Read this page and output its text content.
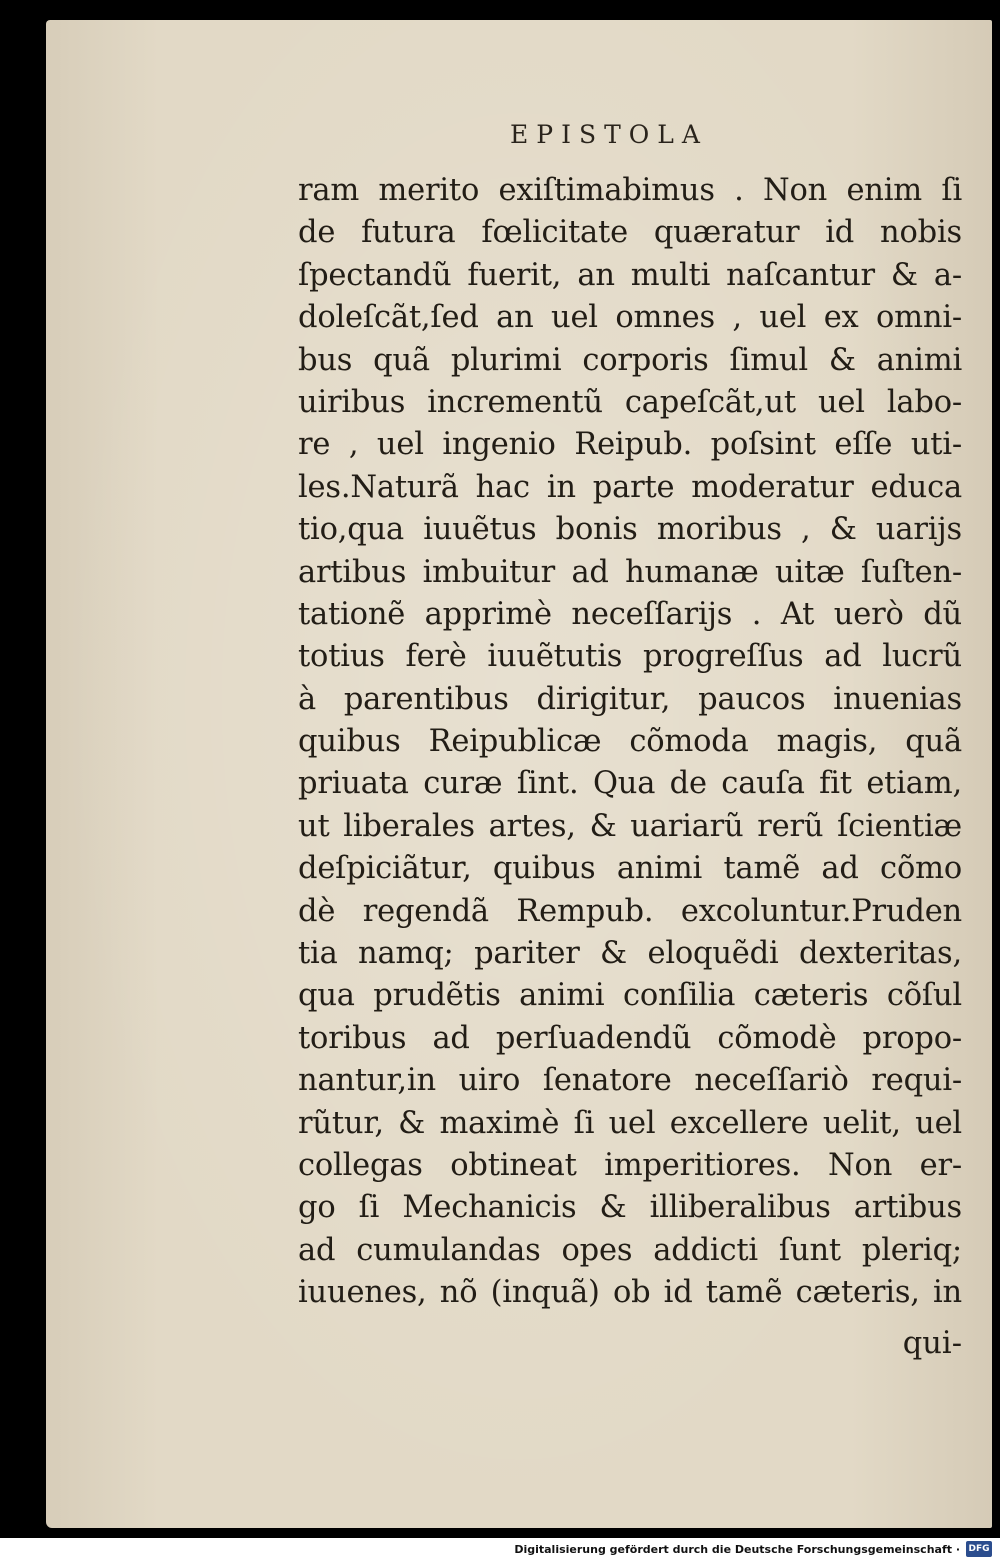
EPISTOLA
ram merito exiſtimabimus . Non enim ſi
de futura fœlicitate quæratur id nobis
ſpectandũ fuerit, an multi naſcantur & a-
doleſcãt,ſed an uel omnes , uel ex omni-
bus quã plurimi corporis ſimul & animi
uiribus incrementũ capeſcãt,ut uel labo-
re , uel ingenio Reipub. poſsint eſſe uti-
les.Naturã hac in parte moderatur educa
tio,qua iuuẽtus bonis moribus , & uarijs
artibus imbuitur ad humanæ uitæ ſuſten-
tationẽ apprimè neceſſarijs . At uerò dũ
totius ferè iuuẽtutis progreſſus ad lucrũ
à parentibus dirigitur, paucos inuenias
quibus Reipublicæ cõmoda magis, quã
priuata curæ ſint. Qua de cauſa fit etiam,
ut liberales artes, & uariarũ rerũ ſcientiæ
deſpiciãtur, quibus animi tamẽ ad cõmo
dè regendã Rempub. excoluntur.Pruden
tia namq; pariter & eloquẽdi dexteritas,
qua prudẽtis animi conſilia cæteris cõſul
toribus ad perſuadendũ cõmodè propo-
nantur,in uiro ſenatore neceſſariò requi-
rũtur, & maximè ſi uel excellere uelit, uel
collegas obtineat imperitiores. Non er-
go ſi Mechanicis & illiberalibus artibus
ad cumulandas opes addicti ſunt pleriq;
iuuenes, nõ (inquã) ob id tamẽ cæteris, in
qui-
Digitalisierung gefördert durch die Deutsche Forschungsgemeinschaft · DFG
